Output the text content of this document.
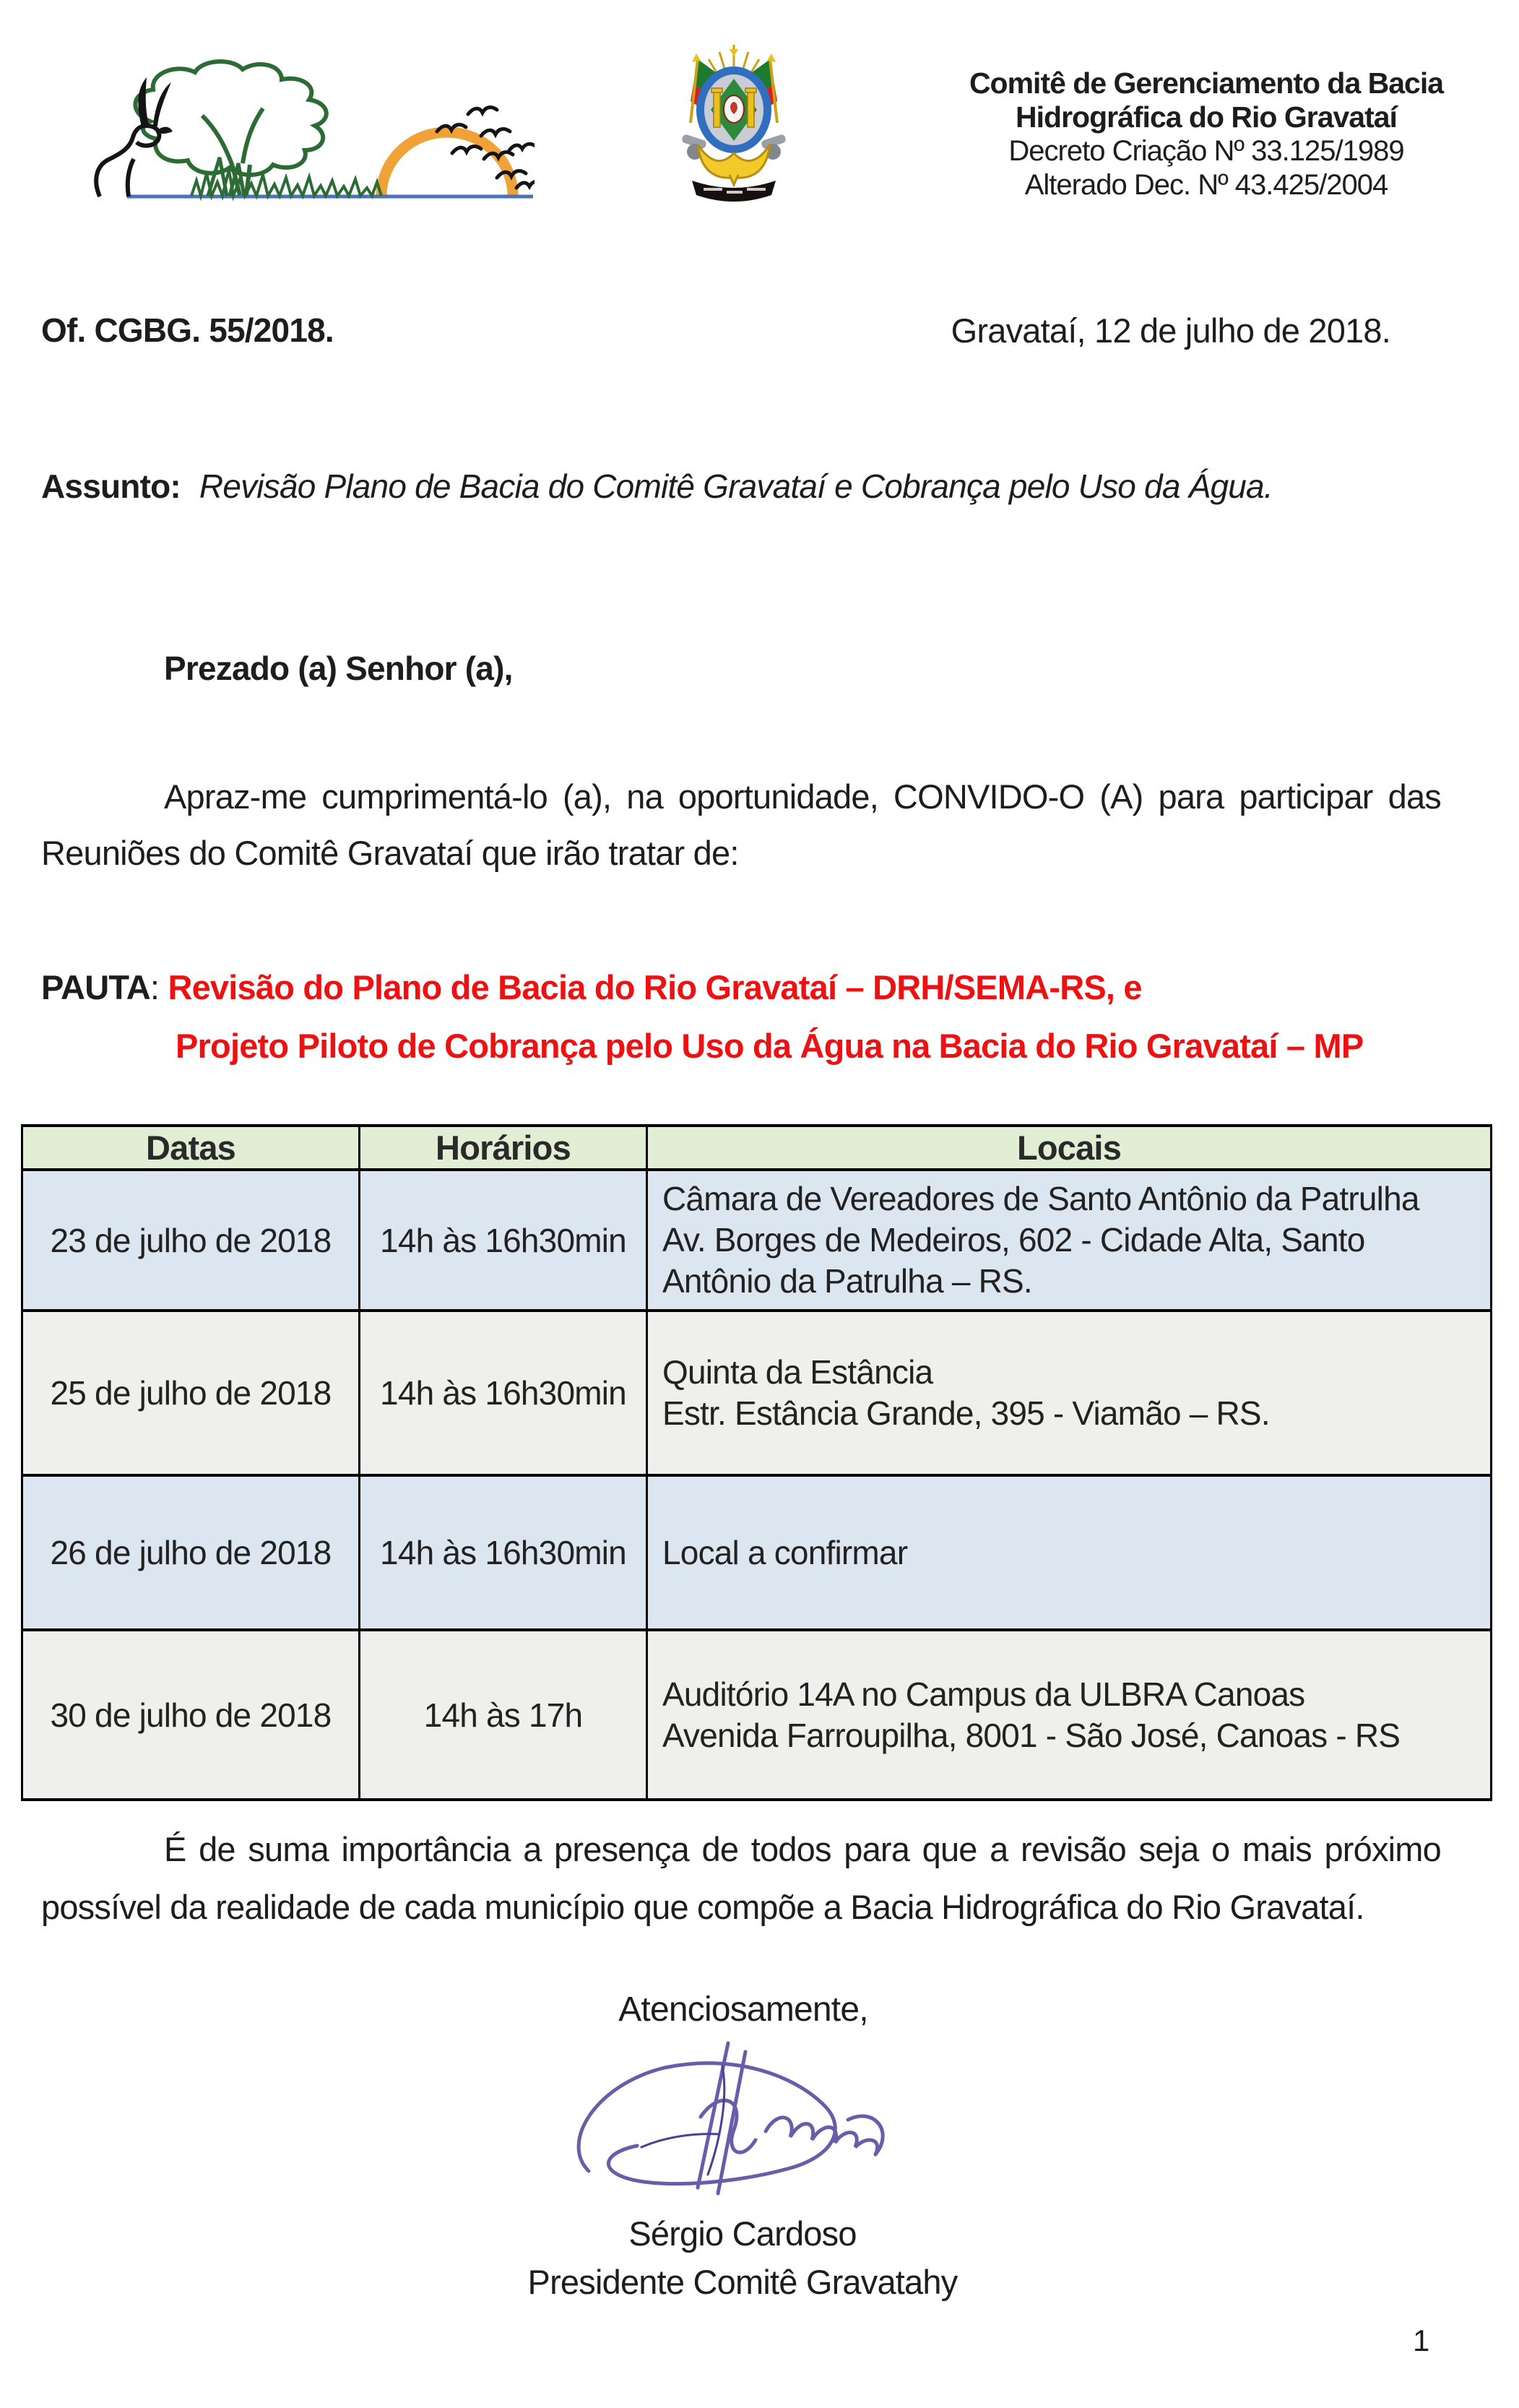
Comitê de Gerenciamento da Bacia
Hidrográfica do Rio Gravataí
Decreto Criação Nº 33.125/1989
Alterado Dec. Nº 43.425/2004
Of. CGBG. 55/2018.	Gravataí, 12 de julho de 2018.
Assunto: Revisão Plano de Bacia do Comitê Gravataí e Cobrança pelo Uso da Água.
Prezado (a) Senhor (a),
Apraz-me cumprimentá-lo (a), na oportunidade, CONVIDO-O (A) para participar das
Reuniões do Comitê Gravataí que irão tratar de:
PAUTA: Revisão do Plano de Bacia do Rio Gravataí – DRH/SEMA-RS, e
Projeto Piloto de Cobrança pelo Uso da Água na Bacia do Rio Gravataí – MP
Datas	Horários	Locais
23 de julho de 2018	14h às 16h30min	Câmara de Vereadores de Santo Antônio da Patrulha
Av. Borges de Medeiros, 602 - Cidade Alta, Santo
Antônio da Patrulha – RS.
25 de julho de 2018	14h às 16h30min	Quinta da Estância
Estr. Estância Grande, 395 - Viamão – RS.
26 de julho de 2018	14h às 16h30min	Local a confirmar
30 de julho de 2018	14h às 17h	Auditório 14A no Campus da ULBRA Canoas
Avenida Farroupilha, 8001 - São José, Canoas - RS
É de suma importância a presença de todos para que a revisão seja o mais próximo
possível da realidade de cada município que compõe a Bacia Hidrográfica do Rio Gravataí.
Atenciosamente,
Sérgio Cardoso
Presidente Comitê Gravatahy
1
